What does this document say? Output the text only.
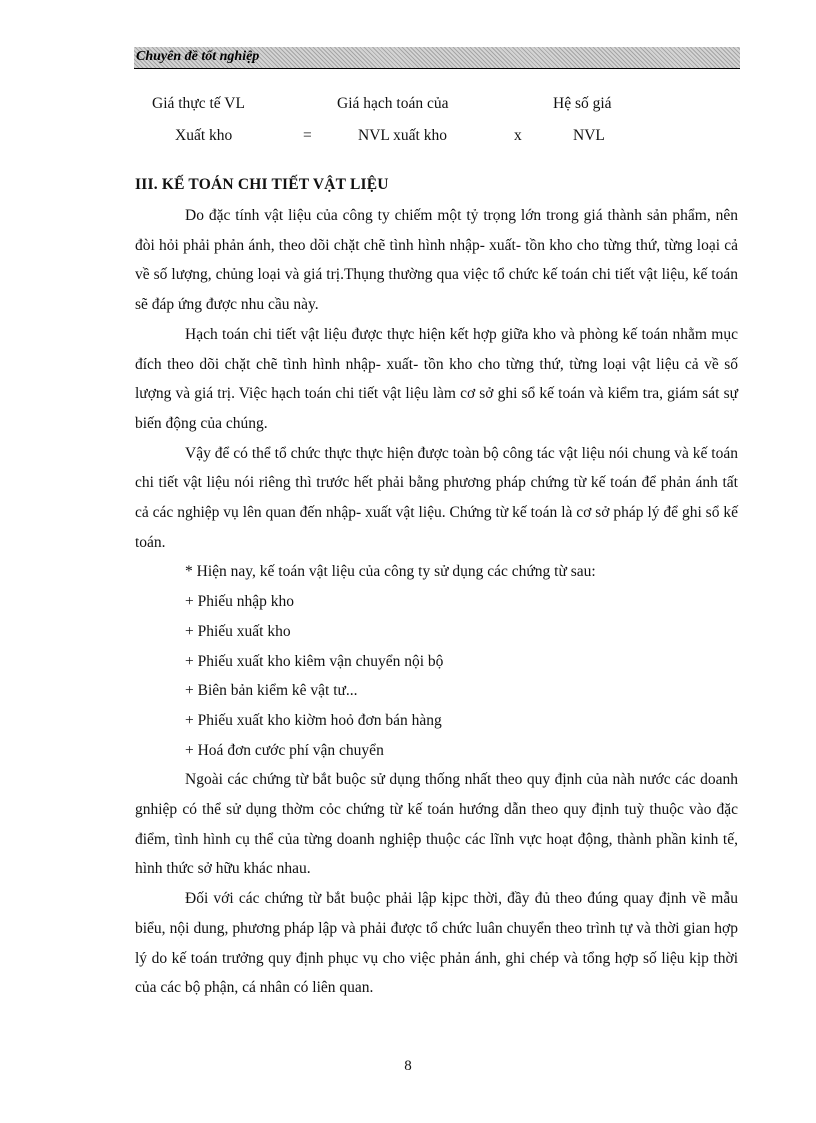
Chuyên đề tốt nghiệp
Giá thực tế VL	Giá hạch toán của	Hệ số giá
Xuất kho	=	NVL xuất kho	x	NVL
III. KẾ TOÁN CHI TIẾT VẬT LIỆU

Do đặc tính vật liệu của công ty chiếm một tỷ trọng lớn trong giá thành sản phẩm, nên đòi hỏi phải phản ánh, theo dõi chặt chẽ tình hình nhập- xuất- tồn kho cho từng thứ, từng loại cả về số lượng, chủng loại và giá trị.Thụng thường qua việc tổ chức kế toán chi tiết vật liệu, kế toán sẽ đáp ứng được nhu cầu này.

Hạch toán chi tiết vật liệu được thực hiện kết hợp giữa kho và phòng kế toán nhằm mục đích theo dõi chặt chẽ tình hình nhập- xuất- tồn kho cho từng thứ, từng loại vật liệu cả về số lượng và giá trị. Việc hạch toán chi tiết vật liệu làm cơ sở ghi sổ kế toán và kiểm tra, giám sát sự biến động của chúng.

Vậy để có thể tổ chức thực thực hiện được toàn bộ công tác vật liệu nói chung và kế toán chi tiết vật liệu nói riêng thì trước hết phải bằng phương pháp chứng từ kế toán để phản ánh tất cả các nghiệp vụ lên quan đến nhập- xuất vật liệu. Chứng từ kế toán là cơ sở pháp lý để ghi sổ kế toán.

* Hiện nay, kế toán vật liệu của công ty sử dụng các chứng từ sau:

+ Phiếu nhập kho

+ Phiếu xuất kho

+ Phiếu xuất kho kiêm vận chuyển nội bộ

+ Biên bản kiểm kê vật tư...

+ Phiếu xuất kho kiờm hoỏ đơn bán hàng

+ Hoá đơn cước phí vận chuyển

Ngoài các chứng từ bắt buộc sử dụng thống nhất theo quy định của nàh nước các doanh gnhiệp có thể sử dụng thờm cỏc chứng từ kế toán hướng dẫn theo quy định tuỳ thuộc vào đặc điểm, tình hình cụ thể của từng doanh nghiệp thuộc các lĩnh vực hoạt động, thành phần kinh tế, hình thức sở hữu khác nhau.

Đối với các chứng từ bắt buộc phải lập kịpc thời, đầy đủ theo đúng quay định về mẫu biểu, nội dung, phương pháp lập và phải được tổ chức luân chuyển theo trình tự và thời gian hợp lý do kế toán trưởng quy định phục vụ cho việc phản ánh, ghi chép và tổng hợp số liệu kịp thời của các bộ phận, cá nhân có liên quan.

8
